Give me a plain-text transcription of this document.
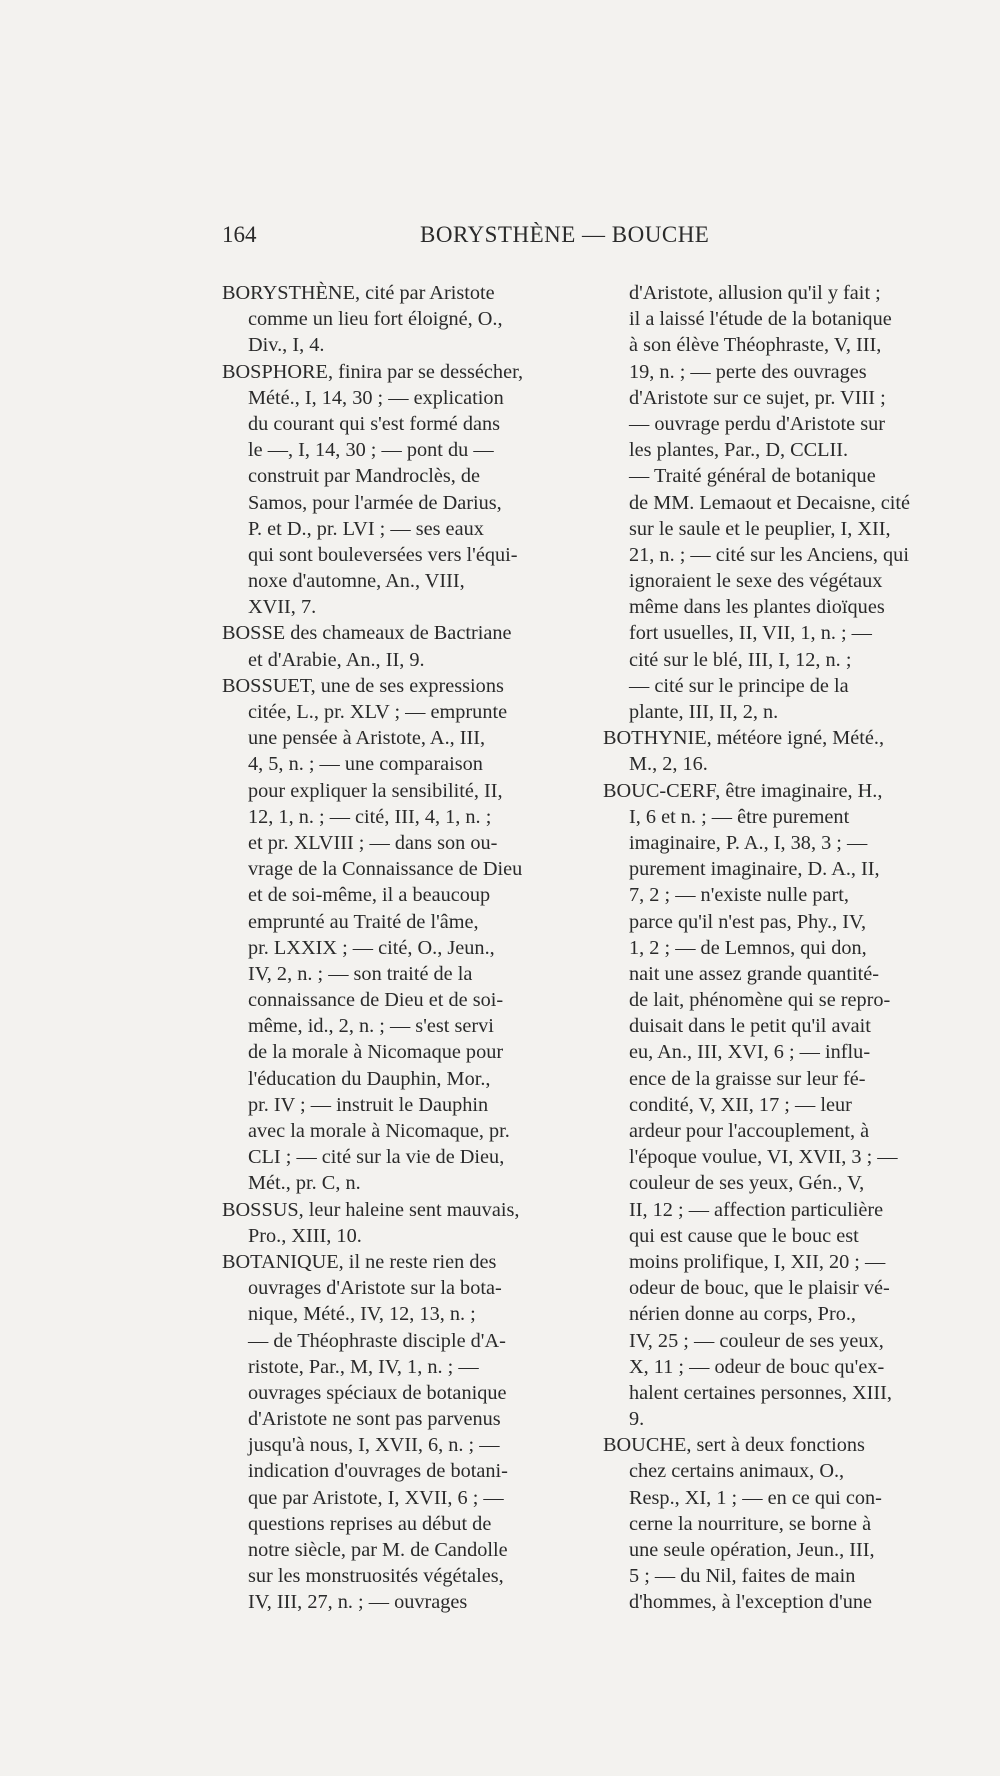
164	BORYSTHÈNE — BOUCHE
BORYSTHÈNE, cité par Aristote
comme un lieu fort éloigné, O.,
Div., I, 4.
BOSPHORE, finira par se dessécher,
Mété., I, 14, 30 ; — explication
du courant qui s'est formé dans
le —, I, 14, 30 ; — pont du —
construit par Mandroclès, de
Samos, pour l'armée de Darius,
P. et D., pr. LVI ; — ses eaux
qui sont bouleversées vers l'équi-
noxe d'automne, An., VIII,
XVII, 7.
BOSSE des chameaux de Bactriane
et d'Arabie, An., II, 9.
BOSSUET, une de ses expressions
citée, L., pr. XLV ; — emprunte
une pensée à Aristote, A., III,
4, 5, n. ; — une comparaison
pour expliquer la sensibilité, II,
12, 1, n. ; — cité, III, 4, 1, n. ;
et pr. XLVIII ; — dans son ou-
vrage de la Connaissance de Dieu
et de soi-même, il a beaucoup
emprunté au Traité de l'âme,
pr. LXXIX ; — cité, O., Jeun.,
IV, 2, n. ; — son traité de la
connaissance de Dieu et de soi-
même, id., 2, n. ; — s'est servi
de la morale à Nicomaque pour
l'éducation du Dauphin, Mor.,
pr. IV ; — instruit le Dauphin
avec la morale à Nicomaque, pr.
CLI ; — cité sur la vie de Dieu,
Mét., pr. C, n.
BOSSUS, leur haleine sent mauvais,
Pro., XIII, 10.
BOTANIQUE, il ne reste rien des
ouvrages d'Aristote sur la bota-
nique, Mété., IV, 12, 13, n. ;
— de Théophraste disciple d'A-
ristote, Par., M, IV, 1, n. ; —
ouvrages spéciaux de botanique
d'Aristote ne sont pas parvenus
jusqu'à nous, I, XVII, 6, n. ; —
indication d'ouvrages de botani-
que par Aristote, I, XVII, 6 ; —
questions reprises au début de
notre siècle, par M. de Candolle
sur les monstruosités végétales,
IV, III, 27, n. ; — ouvrages
d'Aristote, allusion qu'il y fait ;
il a laissé l'étude de la botanique
à son élève Théophraste, V, III,
19, n. ; — perte des ouvrages
d'Aristote sur ce sujet, pr. VIII ;
— ouvrage perdu d'Aristote sur
les plantes, Par., D, CCLII.
— Traité général de botanique
de MM. Lemaout et Decaisne, cité
sur le saule et le peuplier, I, XII,
21, n. ; — cité sur les Anciens, qui
ignoraient le sexe des végétaux
même dans les plantes dioïques
fort usuelles, II, VII, 1, n. ; —
cité sur le blé, III, I, 12, n. ;
— cité sur le principe de la
plante, III, II, 2, n.
BOTHYNIE, météore igné, Mété.,
M., 2, 16.
BOUC-CERF, être imaginaire, H.,
I, 6 et n. ; — être purement
imaginaire, P. A., I, 38, 3 ; —
purement imaginaire, D. A., II,
7, 2 ; — n'existe nulle part,
parce qu'il n'est pas, Phy., IV,
1, 2 ; — de Lemnos, qui don,
nait une assez grande quantité-
de lait, phénomène qui se repro-
duisait dans le petit qu'il avait
eu, An., III, XVI, 6 ; — influ-
ence de la graisse sur leur fé-
condité, V, XII, 17 ; — leur
ardeur pour l'accouplement, à
l'époque voulue, VI, XVII, 3 ; —
couleur de ses yeux, Gén., V,
II, 12 ; — affection particulière
qui est cause que le bouc est
moins prolifique, I, XII, 20 ; —
odeur de bouc, que le plaisir vé-
nérien donne au corps, Pro.,
IV, 25 ; — couleur de ses yeux,
X, 11 ; — odeur de bouc qu'ex-
halent certaines personnes, XIII,
9.
BOUCHE, sert à deux fonctions
chez certains animaux, O.,
Resp., XI, 1 ; — en ce qui con-
cerne la nourriture, se borne à
une seule opération, Jeun., III,
5 ; — du Nil, faites de main
d'hommes, à l'exception d'une
